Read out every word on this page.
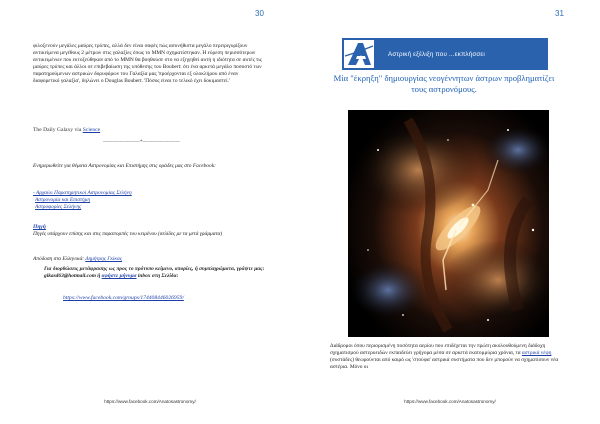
30
φιλοξενούν μεγάλες μαύρες τρύπες, αλλά δεν είναι σαφές πώς ασυνήθιστα μεγάλο περιτριγυρίζουν αντικείμενα μεγέθους 2 μέτρων στις γαλαξίες όπως το MMN σχηματίστηκαν. Η εύρεση περισσότερων αντικειμένων που εκτοξεύθηκαν από το MMN θα βοηθούσε στο να εξηγηθεί αυτή η ιδιότητα σε αυτές τις μαύρες τρύπες και άλλοι σε επιβεβαίωση της υπόθεσης του Boubert: ότι ένα αρκετά μεγάλο ποσοστό των παρατηρούμενων αστρικών δορυφόρων του Γαλαξία μας 'προέρχονται εξ ολοκλήρου από έναν διαφορετικό γαλαξία', δηλώνει ο Douglas Boubert. 'Πόσος είναι το τελικό έχει δοκιμαστεί.'
The Daily Galaxy via Science
———————*———————
Ενημερωθείτε για θέματα Αστρονομίας και Επιστήμης στις ομάδες μας στο Facebook:
- Αρχαίοι Παρατηρητικοί Αστρονομίας Σελήνη
Αστρονομία και Επιστήμη
Αστροφορίες Σελήνης
Πηγή
Πηγές υπάρχουν επίσης και στις παραπομπές του κειμένου (σελίδες με τα μετά γράμματα)
Απόδοση στα Ελληνικά: Δημήτρης Γκίκας
Για διορθώσεις μετάφρασης ως προς το πρότυπο κείμενο, απορίες, ή συμπληρώματα, γράψτε μας: gikasd63@hotmail.com ή αφήστε μήνυμα inbox στη Σελίδα:
https://www.facebook.com/groups/174408446026959/
https://www.facebook.com/Anatosastronomy/
31
Αστρική εξέλιξη που ...εκπλήσσει
Μία "έκρηξη" δημιουργίας νεογέννητων άστρων προβληματίζει τους αστρονόμους.
Διάδρομοι όπου περιορισμένη ποσότητα αερίου που επιδέχεται την πρώτη ακολουθούμενη διάδοχη σχηματισμού αστεροειδών εκπαιδεύει γρήγορα μέσα σε αρκετά εκατομμύρια χρόνια, τα αστρικά νέφη (συστάδες) θεωρούνται από καιρό ως 'στούφα' αστρικά συστήματα που δεν μπορούν να σχηματίσουν νέα αστέρια. Μόνο οι
https://www.facebook.com/Anatosastronomy/
